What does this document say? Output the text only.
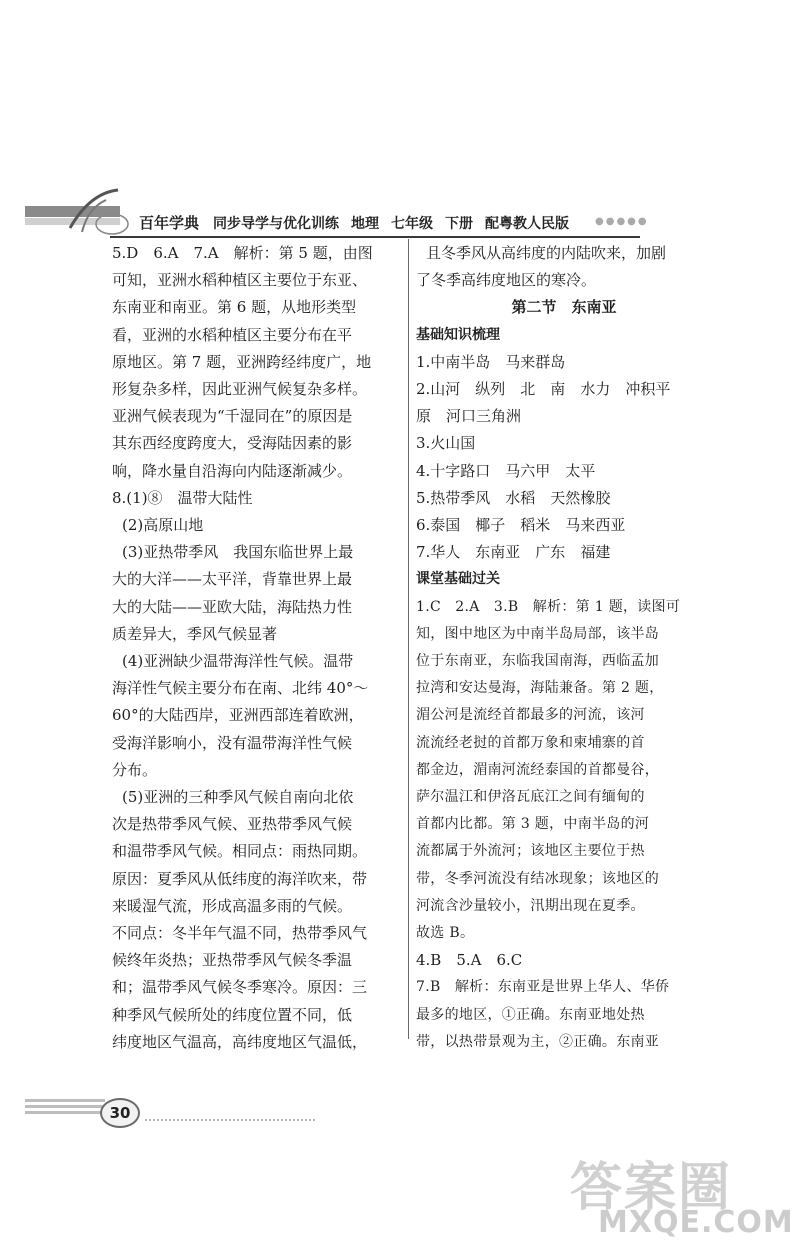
百年学典 同步导学与优化训练 地理 七年级 下册 配粤教人民版	●●●●●

5.D　6.A　7.A　解析：第 5 题，由图

可知，亚洲水稻种植区主要位于东亚、

东南亚和南亚。第 6 题，从地形类型

看，亚洲的水稻种植区主要分布在平

原地区。第 7 题，亚洲跨经纬度广，地

形复杂多样，因此亚洲气候复杂多样。

亚洲气候表现为“千湿同在”的原因是

其东西经度跨度大，受海陆因素的影

响，降水量自沿海向内陆逐渐减少。

8.(1)⑧　温带大陆性

(2)高原山地

(3)亚热带季风　我国东临世界上最

大的大洋——太平洋，背靠世界上最

大的大陆——亚欧大陆，海陆热力性

质差异大，季风气候显著

(4)亚洲缺少温带海洋性气候。温带

海洋性气候主要分布在南、北纬 40°～

60°的大陆西岸，亚洲西部连着欧洲，

受海洋影响小，没有温带海洋性气候

分布。

(5)亚洲的三种季风气候自南向北依

次是热带季风气候、亚热带季风气候

和温带季风气候。相同点：雨热同期。

原因：夏季风从低纬度的海洋吹来，带

来暖湿气流，形成高温多雨的气候。

不同点：冬半年气温不同，热带季风气

候终年炎热；亚热带季风气候冬季温

和；温带季风气候冬季寒冷。原因：三

种季风气候所处的纬度位置不同，低

纬度地区气温高，高纬度地区气温低，

且冬季风从高纬度的内陆吹来，加剧

了冬季高纬度地区的寒冷。

第二节　东南亚

基础知识梳理

1.中南半岛　马来群岛

2.山河　纵列　北　南　水力　冲积平

原　河口三角洲

3.火山国

4.十字路口　马六甲　太平

5.热带季风　水稻　天然橡胶

6.泰国　椰子　稻米　马来西亚

7.华人　东南亚　广东　福建

课堂基础过关

1.C　2.A　3.B　解析：第 1 题，读图可

知，图中地区为中南半岛局部，该半岛

位于东南亚，东临我国南海，西临孟加

拉湾和安达曼海，海陆兼备。第 2 题，

湄公河是流经首都最多的河流，该河

流流经老挝的首都万象和柬埔寨的首

都金边，湄南河流经泰国的首都曼谷，

萨尔温江和伊洛瓦底江之间有缅甸的

首都内比都。第 3 题，中南半岛的河

流都属于外流河；该地区主要位于热

带，冬季河流没有结冰现象；该地区的

河流含沙量较小，汛期出现在夏季。

故选 B。

4.B　5.A　6.C

7.B　解析：东南亚是世界上华人、华侨

最多的地区，①正确。东南亚地处热

带，以热带景观为主，②正确。东南亚

30
答案圈
MXQE.COM
